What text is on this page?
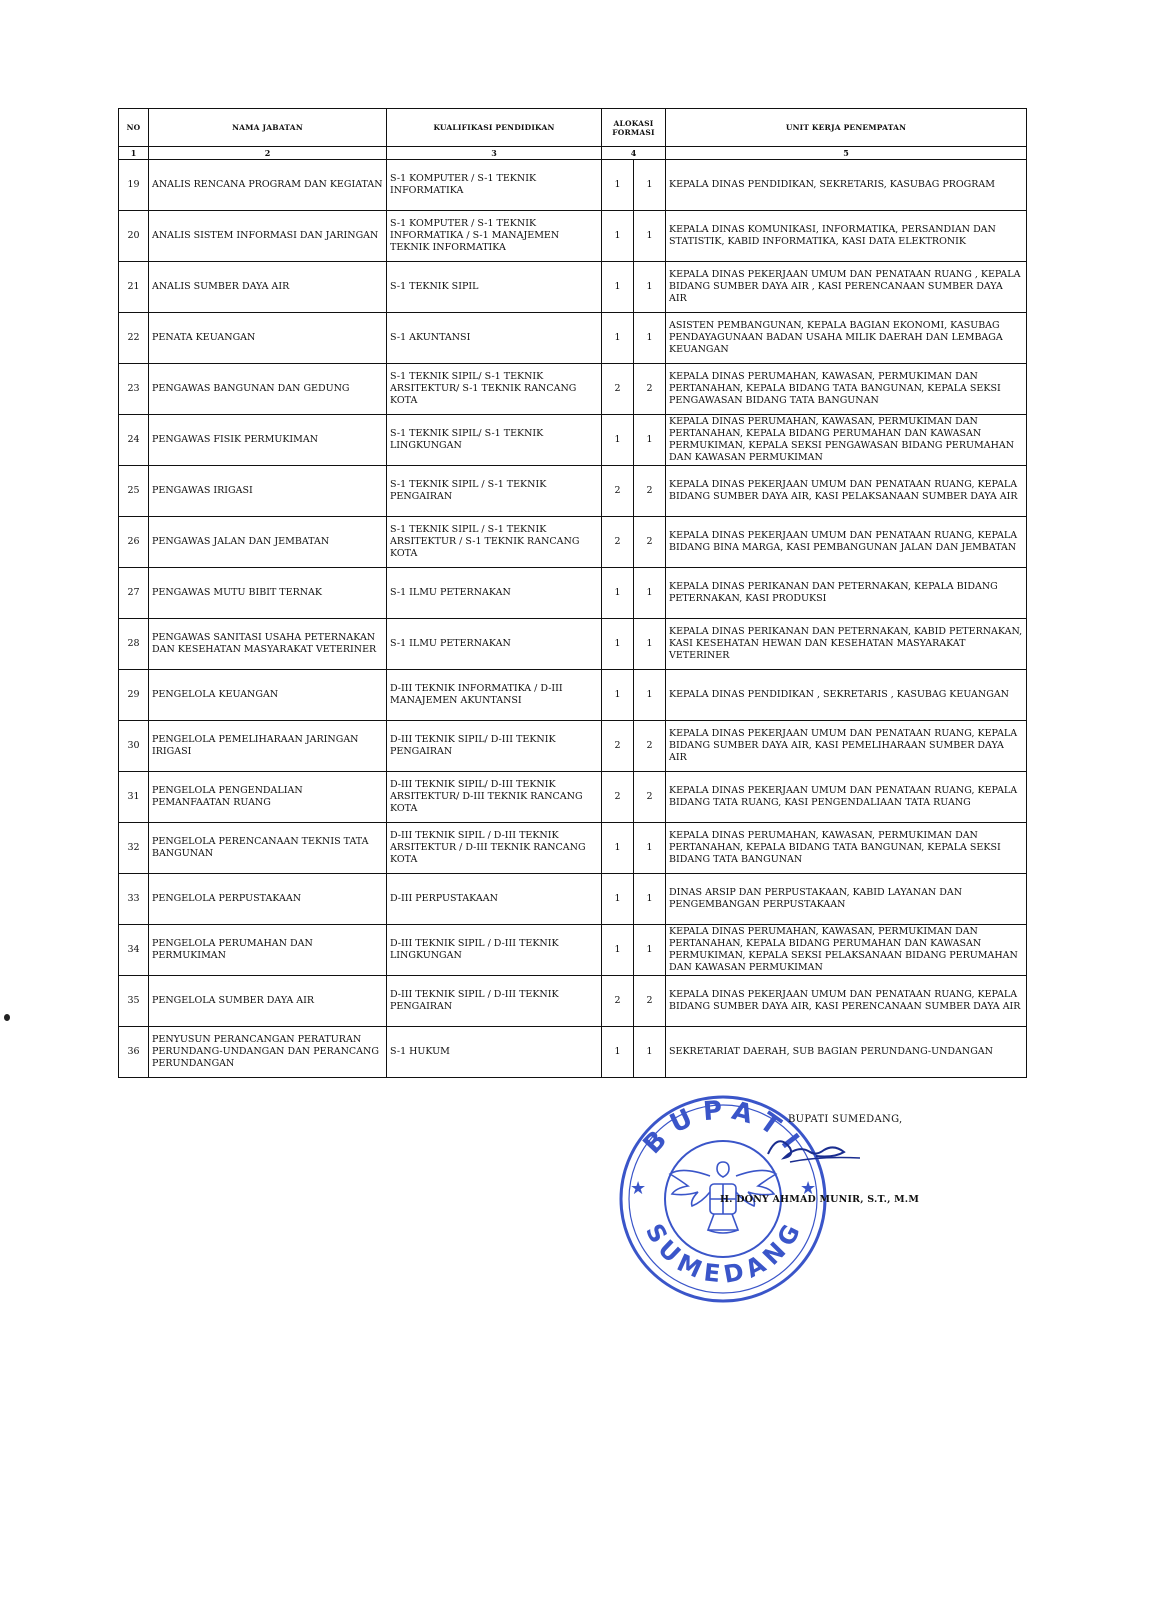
NO	NAMA JABATAN	KUALIFIKASI PENDIDIKAN	ALOKASI FORMASI		UNIT KERJA PENEMPATAN
1	2	3	4		5
19	ANALIS RENCANA PROGRAM DAN KEGIATAN	S-1 KOMPUTER / S-1 TEKNIK INFORMATIKA	1	1	KEPALA DINAS PENDIDIKAN, SEKRETARIS, KASUBAG PROGRAM
20	ANALIS SISTEM INFORMASI DAN JARINGAN	S-1 KOMPUTER / S-1 TEKNIK INFORMATIKA / S-1 MANAJEMEN TEKNIK INFORMATIKA	1	1	KEPALA DINAS KOMUNIKASI, INFORMATIKA, PERSANDIAN DAN STATISTIK, KABID INFORMATIKA, KASI DATA ELEKTRONIK
21	ANALIS SUMBER DAYA AIR	S-1 TEKNIK SIPIL	1	1	KEPALA DINAS PEKERJAAN UMUM DAN PENATAAN RUANG , KEPALA BIDANG SUMBER DAYA AIR , KASI PERENCANAAN SUMBER DAYA AIR
22	PENATA KEUANGAN	S-1 AKUNTANSI	1	1	ASISTEN PEMBANGUNAN, KEPALA BAGIAN EKONOMI, KASUBAG PENDAYAGUNAAN BADAN USAHA MILIK DAERAH DAN LEMBAGA KEUANGAN
23	PENGAWAS BANGUNAN DAN GEDUNG	S-1 TEKNIK SIPIL/ S-1 TEKNIK ARSITEKTUR/ S-1 TEKNIK RANCANG KOTA	2	2	KEPALA DINAS PERUMAHAN, KAWASAN, PERMUKIMAN DAN PERTANAHAN, KEPALA BIDANG TATA BANGUNAN, KEPALA SEKSI PENGAWASAN BIDANG TATA BANGUNAN
24	PENGAWAS FISIK PERMUKIMAN	S-1 TEKNIK SIPIL/ S-1 TEKNIK LINGKUNGAN	1	1	KEPALA DINAS PERUMAHAN, KAWASAN, PERMUKIMAN DAN PERTANAHAN, KEPALA BIDANG PERUMAHAN DAN KAWASAN PERMUKIMAN, KEPALA SEKSI PENGAWASAN BIDANG PERUMAHAN DAN KAWASAN PERMUKIMAN
25	PENGAWAS IRIGASI	S-1 TEKNIK SIPIL / S-1 TEKNIK PENGAIRAN	2	2	KEPALA DINAS PEKERJAAN UMUM DAN PENATAAN RUANG, KEPALA BIDANG SUMBER DAYA AIR, KASI PELAKSANAAN SUMBER DAYA AIR
26	PENGAWAS JALAN DAN JEMBATAN	S-1 TEKNIK SIPIL / S-1 TEKNIK ARSITEKTUR / S-1 TEKNIK RANCANG KOTA	2	2	KEPALA DINAS PEKERJAAN UMUM DAN PENATAAN RUANG, KEPALA BIDANG BINA MARGA, KASI PEMBANGUNAN JALAN DAN JEMBATAN
27	PENGAWAS MUTU BIBIT TERNAK	S-1 ILMU PETERNAKAN	1	1	KEPALA DINAS PERIKANAN DAN PETERNAKAN, KEPALA BIDANG PETERNAKAN, KASI PRODUKSI
28	PENGAWAS SANITASI USAHA PETERNAKAN DAN KESEHATAN MASYARAKAT VETERINER	S-1 ILMU PETERNAKAN	1	1	KEPALA DINAS PERIKANAN DAN PETERNAKAN, KABID PETERNAKAN, KASI KESEHATAN HEWAN DAN KESEHATAN MASYARAKAT VETERINER
29	PENGELOLA KEUANGAN	D-III TEKNIK INFORMATIKA / D-III MANAJEMEN AKUNTANSI	1	1	KEPALA DINAS PENDIDIKAN , SEKRETARIS , KASUBAG KEUANGAN
30	PENGELOLA PEMELIHARAAN JARINGAN IRIGASI	D-III TEKNIK SIPIL/ D-III TEKNIK PENGAIRAN	2	2	KEPALA DINAS PEKERJAAN UMUM DAN PENATAAN RUANG, KEPALA BIDANG SUMBER DAYA AIR, KASI PEMELIHARAAN SUMBER DAYA AIR
31	PENGELOLA PENGENDALIAN PEMANFAATAN RUANG	D-III TEKNIK SIPIL/ D-III TEKNIK ARSITEKTUR/ D-III TEKNIK RANCANG KOTA	2	2	KEPALA DINAS PEKERJAAN UMUM DAN PENATAAN RUANG, KEPALA BIDANG TATA RUANG, KASI PENGENDALIAAN TATA RUANG
32	PENGELOLA PERENCANAAN TEKNIS TATA BANGUNAN	D-III TEKNIK SIPIL / D-III TEKNIK ARSITEKTUR / D-III TEKNIK RANCANG KOTA	1	1	KEPALA DINAS PERUMAHAN, KAWASAN, PERMUKIMAN DAN PERTANAHAN, KEPALA BIDANG TATA BANGUNAN, KEPALA SEKSI BIDANG TATA BANGUNAN
33	PENGELOLA PERPUSTAKAAN	D-III PERPUSTAKAAN	1	1	DINAS ARSIP DAN PERPUSTAKAAN, KABID LAYANAN DAN PENGEMBANGAN PERPUSTAKAAN
34	PENGELOLA PERUMAHAN DAN PERMUKIMAN	D-III TEKNIK SIPIL / D-III TEKNIK LINGKUNGAN	1	1	KEPALA DINAS PERUMAHAN, KAWASAN, PERMUKIMAN DAN PERTANAHAN, KEPALA BIDANG PERUMAHAN DAN KAWASAN PERMUKIMAN, KEPALA SEKSI PELAKSANAAN BIDANG PERUMAHAN DAN KAWASAN PERMUKIMAN
35	PENGELOLA SUMBER DAYA AIR	D-III TEKNIK SIPIL / D-III TEKNIK PENGAIRAN	2	2	KEPALA DINAS PEKERJAAN UMUM DAN PENATAAN RUANG, KEPALA BIDANG SUMBER DAYA AIR, KASI PERENCANAAN SUMBER DAYA AIR
36	PENYUSUN PERANCANGAN PERATURAN PERUNDANG-UNDANGAN DAN PERANCANG PERUNDANGAN	S-1 HUKUM	1	1	SEKRETARIAT DAERAH, SUB BAGIAN PERUNDANG-UNDANGAN
BUPATI
SUMEDANG
★	★
BUPATI SUMEDANG,
H. DONY AHMAD MUNIR, S.T., M.M
